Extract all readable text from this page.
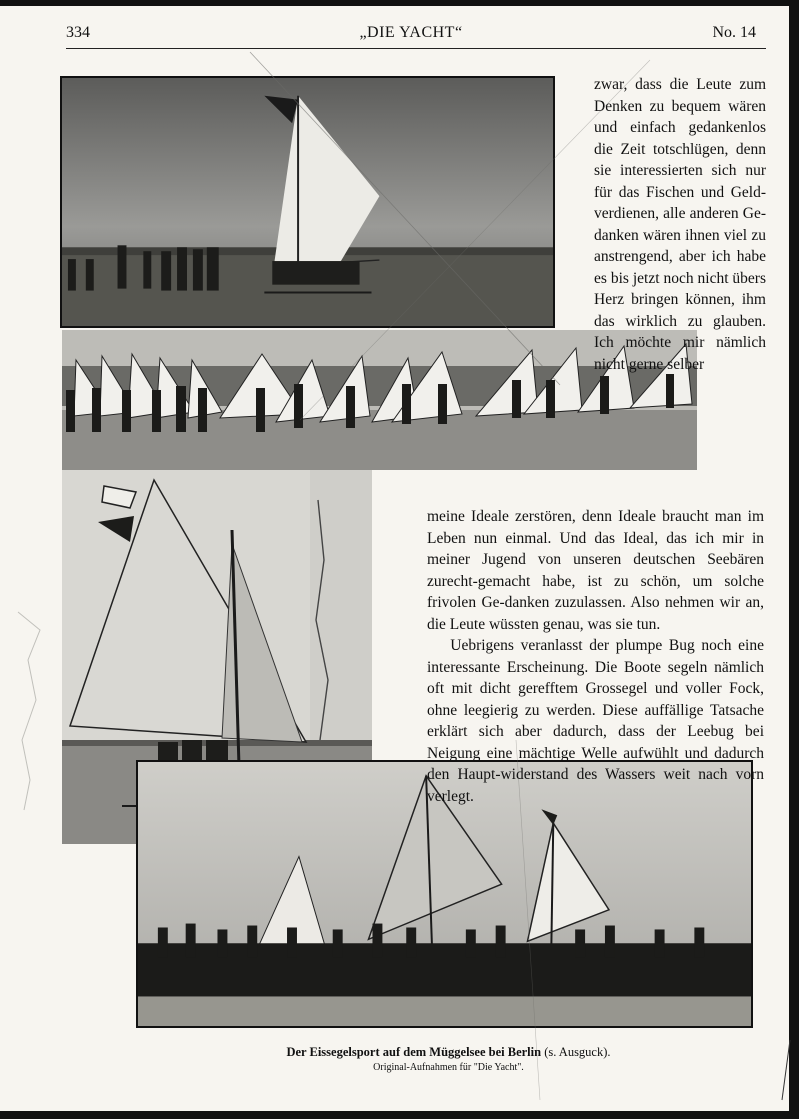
334	„DIE YACHT“	No. 14

zwar, dass die Leute zum Denken zu bequem wären und einfach gedankenlos die Zeit totschlügen, denn sie interessierten sich nur für das Fischen und Geld-verdienen, alle anderen Ge-danken wären ihnen viel zu anstrengend, aber ich habe es bis jetzt noch nicht übers Herz bringen können, ihm das wirklich zu glauben. Ich möchte mir nämlich nicht gerne selber

meine Ideale zerstören, denn Ideale braucht man im Leben nun einmal. Und das Ideal, das ich mir in meiner Jugend von unseren deutschen Seebären zurecht-gemacht habe, ist zu schön, um solche frivolen Ge-danken zuzulassen. Also nehmen wir an, die Leute wüssten genau, was sie tun.

Uebrigens veranlasst der plumpe Bug noch eine interessante Erscheinung. Die Boote segeln nämlich oft mit dicht gerefftem Grossegel und voller Fock, ohne leegierig zu werden. Diese auffällige Tatsache erklärt sich aber dadurch, dass der Leebug bei Neigung eine mächtige Welle aufwühlt und dadurch den Haupt-widerstand des Wassers weit nach vorn verlegt.

Der Eissegelsport auf dem Müggelsee bei Berlin (s. Ausguck).
Original-Aufnahmen für "Die Yacht".
